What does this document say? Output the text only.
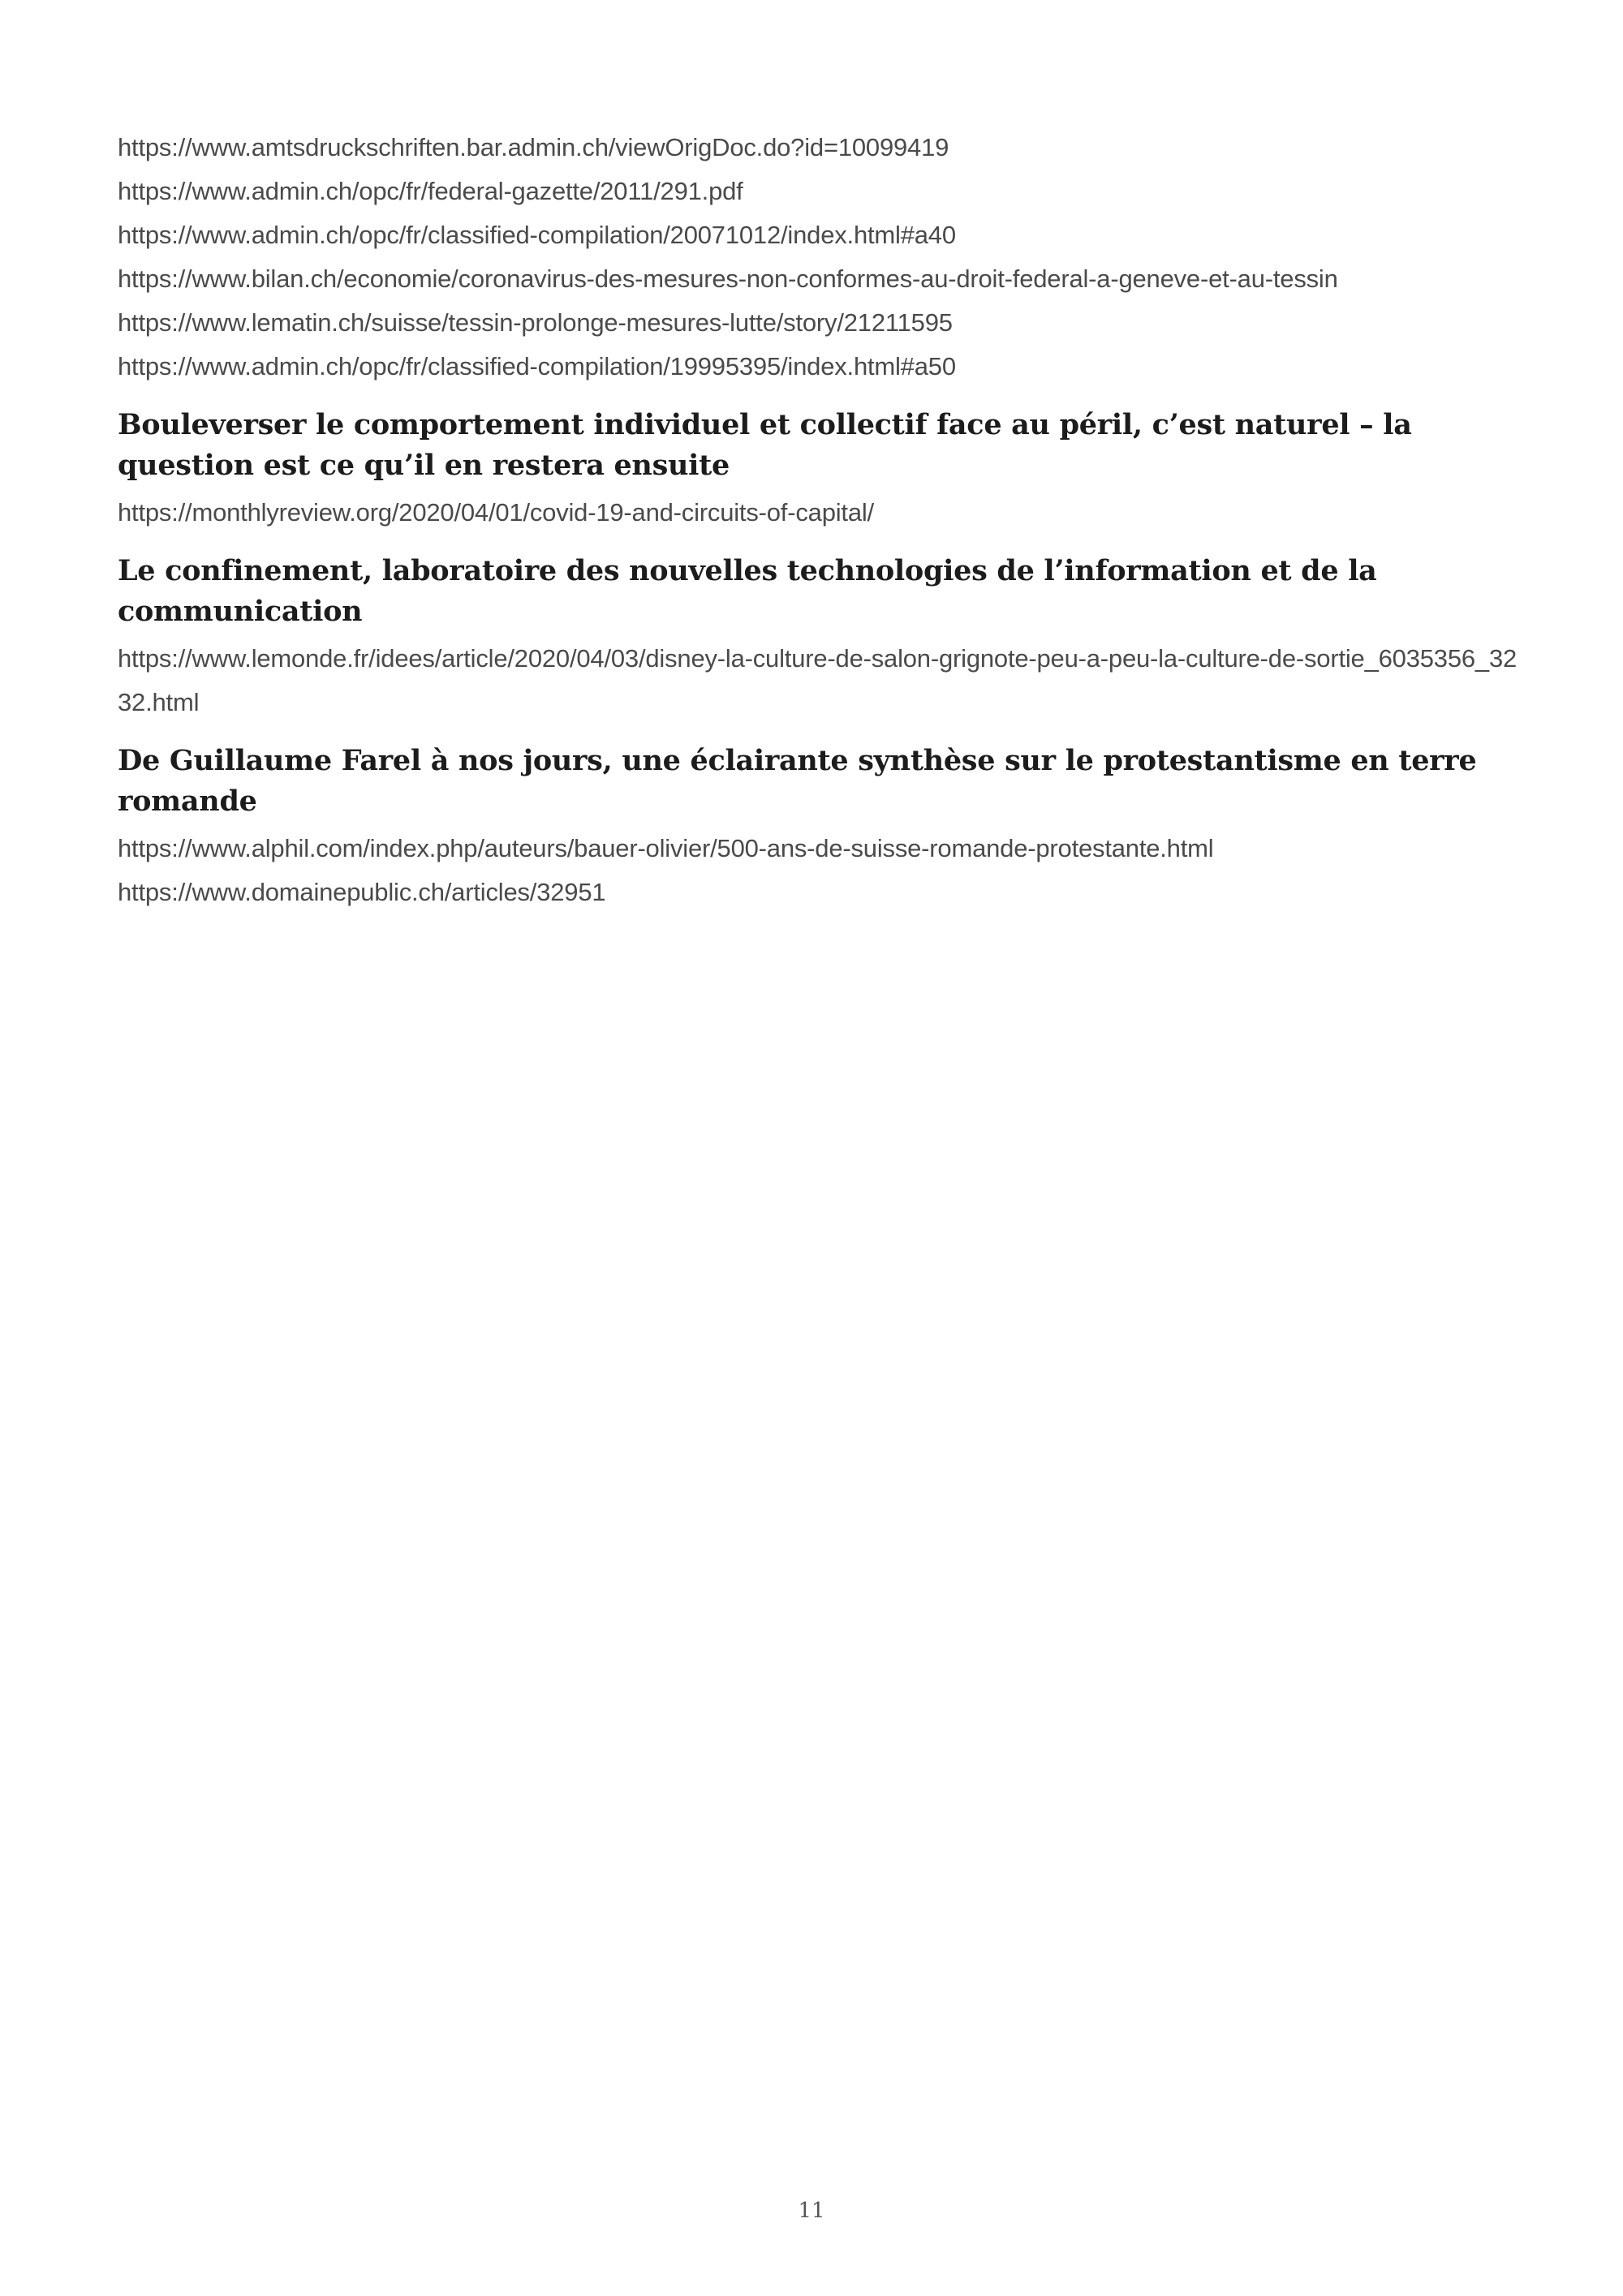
https://www.amtsdruckschriften.bar.admin.ch/viewOrigDoc.do?id=10099419

https://www.admin.ch/opc/fr/federal-gazette/2011/291.pdf

https://www.admin.ch/opc/fr/classified-compilation/20071012/index.html#a40

https://www.bilan.ch/economie/coronavirus-des-mesures-non-conformes-au-droit-federal-a-geneve-et-au-tessin

https://www.lematin.ch/suisse/tessin-prolonge-mesures-lutte/story/21211595

https://www.admin.ch/opc/fr/classified-compilation/19995395/index.html#a50

Bouleverser le comportement individuel et collectif face au péril, c’est naturel – la question est ce qu’il en restera ensuite

https://monthlyreview.org/2020/04/01/covid-19-and-circuits-of-capital/

Le confinement, laboratoire des nouvelles technologies de l’information et de la communication

https://www.lemonde.fr/idees/article/2020/04/03/disney-la-culture-de-salon-grignote-peu-a-peu-la-culture-de-sortie_6035356_3232.html

De Guillaume Farel à nos jours, une éclairante synthèse sur le protestantisme en terre romande

https://www.alphil.com/index.php/auteurs/bauer-olivier/500-ans-de-suisse-romande-protestante.html

https://www.domainepublic.ch/articles/32951

11
